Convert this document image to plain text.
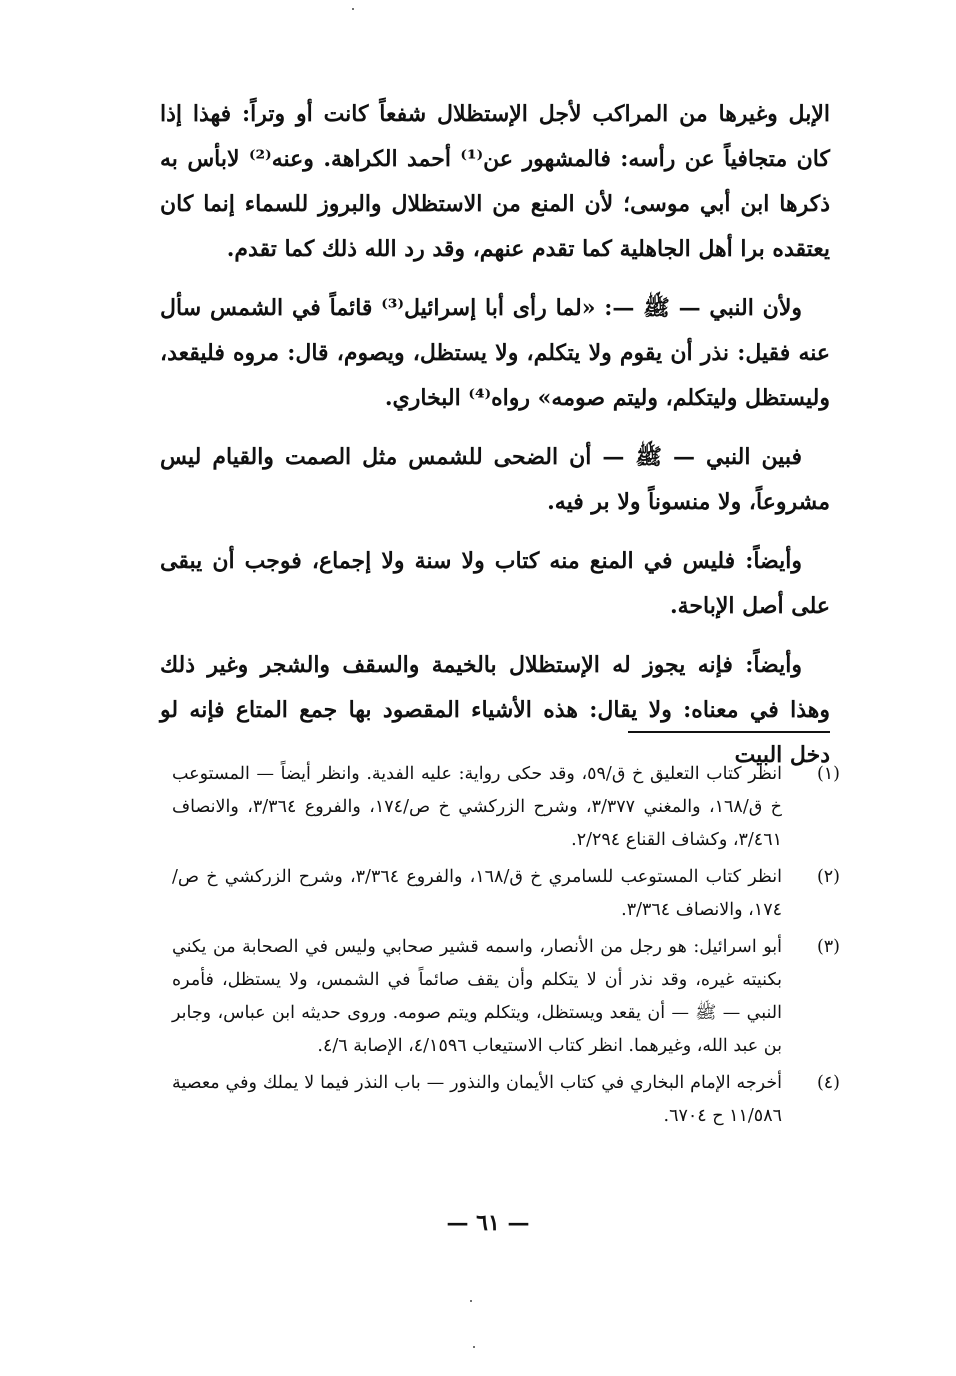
الإبل وغيرها من المراكب لأجل الإستظلال شفعاً كانت أو وتراً: فهذا إذا كان متجافياً عن رأسه: فالمشهور عن⁽¹⁾ أحمد الكراهة. وعنه⁽²⁾ لابأس به ذكرها ابن أبي موسى؛ لأن المنع من الاستظلال والبروز للسماء إنما كان يعتقده برا أهل الجاهلية كما تقدم عنهم، وقد رد الله ذلك كما تقدم.

ولأن النبي — ﷺ —: «لما رأى أبا إسرائيل⁽³⁾ قائماً في الشمس سأل عنه فقيل: نذر أن يقوم ولا يتكلم، ولا يستظل، ويصوم، قال: مروه فليقعد، وليستظل وليتكلم، وليتم صومه» رواه⁽⁴⁾ البخاري.

فبين النبي — ﷺ — أن الضحى للشمس مثل الصمت والقيام ليس مشروعاً، ولا منسوناً ولا بر فيه.

وأيضاً: فليس في المنع منه كتاب ولا سنة ولا إجماع، فوجب أن يبقى على أصل الإباحة.

وأيضاً: فإنه يجوز له الإستظلال بالخيمة والسقف والشجر وغير ذلك وهذا في معناه: ولا يقال: هذه الأشياء المقصود بها جمع المتاع فإنه لو دخل البيت

(١)
انظر كتاب التعليق خ ق/٥٩، وقد حكى رواية: عليه الفدية. وانظر أيضاً — المستوعب خ ق/١٦٨، والمغني ٣/٣٧٧، وشرح الزركشي خ ص/١٧٤، والفروع ٣/٣٦٤، والانصاف ٣/٤٦١، وكشاف القناع ٢/٢٩٤.
(٢)
انظر كتاب المستوعب للسامري خ ق/١٦٨، والفروع ٣/٣٦٤، وشرح الزركشي خ ص/١٧٤، والانصاف ٣/٣٦٤.
(٣)
أبو اسرائيل: هو رجل من الأنصار، واسمه قشير صحابي وليس في الصحابة من يكني بكنيته غيره، وقد نذر أن لا يتكلم وأن يقف صائماً في الشمس، ولا يستظل، فأمره النبي — ﷺ — أن يقعد ويستظل، ويتكلم ويتم صومه. وروى حديثه ابن عباس، وجابر بن عبد الله، وغيرهما. انظر كتاب الاستيعاب ٤/١٥٩٦، الإصابة ٤/٦.
(٤)
أخرجه الإمام البخاري في كتاب الأيمان والنذور — باب النذر فيما لا يملك وفي معصية ١١/٥٨٦ ح ٦٧٠٤.
— ٦١ —
